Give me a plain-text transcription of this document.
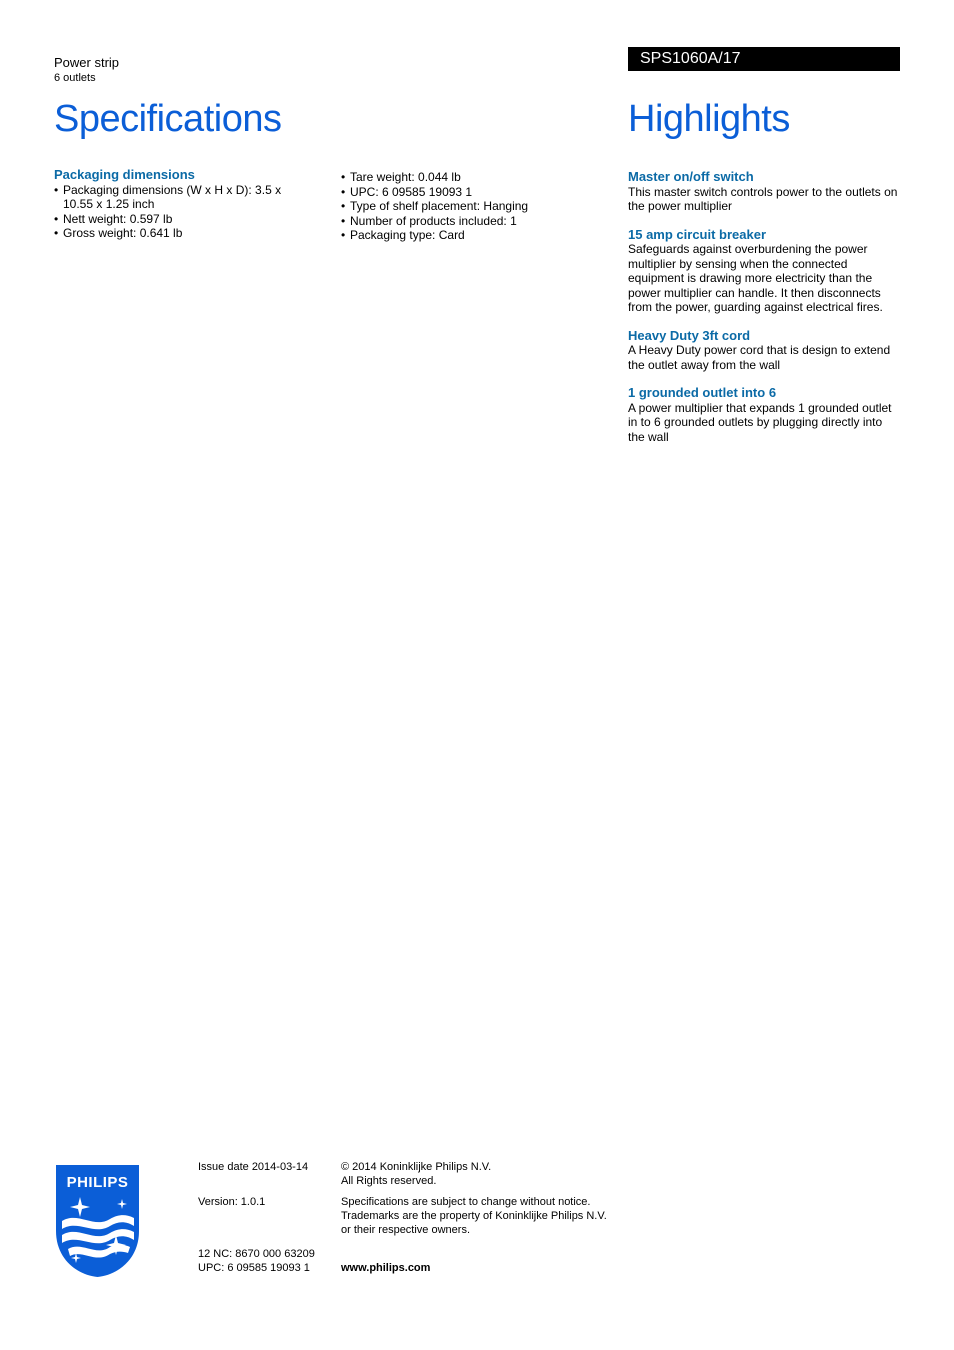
Power strip
6 outlets
Specifications
SPS1060A/17
Highlights
Packaging dimensions
• Packaging dimensions (W x H x D): 3.5 x 10.55 x 1.25 inch
• Nett weight: 0.597 lb
• Gross weight: 0.641 lb
• Tare weight: 0.044 lb
• UPC: 6 09585 19093 1
• Type of shelf placement: Hanging
• Number of products included: 1
• Packaging type: Card
Master on/off switch
This master switch controls power to the outlets on the power multiplier
15 amp circuit breaker
Safeguards against overburdening the power multiplier by sensing when the connected equipment is drawing more electricity than the power multiplier can handle. It then disconnects from the power, guarding against electrical fires.
Heavy Duty 3ft cord
A Heavy Duty power cord that is design to extend the outlet away from the wall
1 grounded outlet into 6
A power multiplier that expands 1 grounded outlet in to 6 grounded outlets by plugging directly into the wall
PHILIPS
Issue date 2014-03-14
Version: 1.0.1
12 NC: 8670 000 63209
UPC: 6 09585 19093 1
© 2014 Koninklijke Philips N.V.
All Rights reserved.
Specifications are subject to change without notice.
Trademarks are the property of Koninklijke Philips N.V.
or their respective owners.
www.philips.com
